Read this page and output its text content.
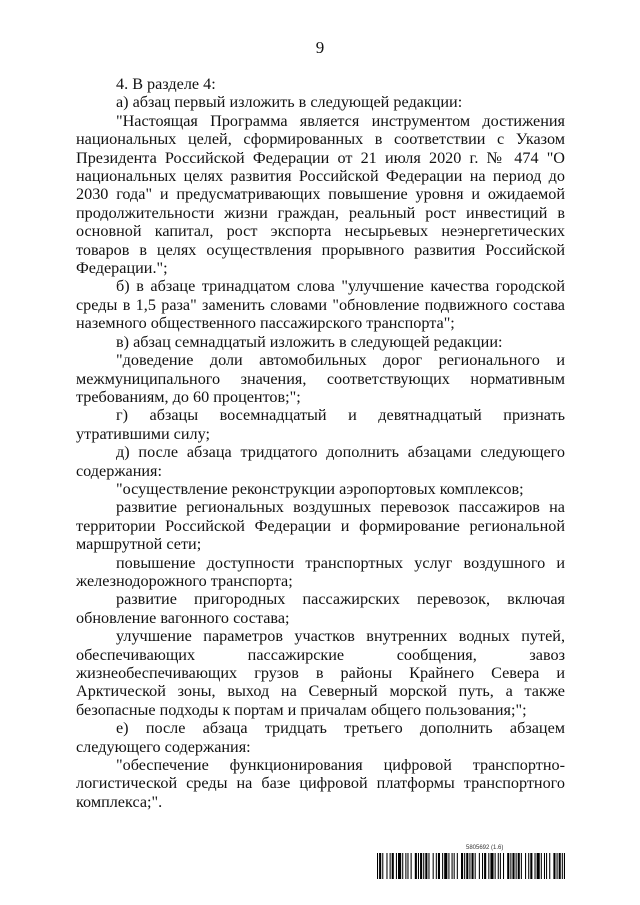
9

4. В разделе 4:

а) абзац первый изложить в следующей редакции:

"Настоящая Программа является инструментом достижения национальных целей, сформированных в соответствии с Указом Президента Российской Федерации от 21 июля 2020 г. № 474 "О национальных целях развития Российской Федерации на период до 2030 года" и предусматривающих повышение уровня и ожидаемой продолжительности жизни граждан, реальный рост инвестиций в основной капитал, рост экспорта несырьевых неэнергетических товаров в целях осуществления прорывного развития Российской Федерации.";

б) в абзаце тринадцатом слова "улучшение качества городской среды в 1,5 раза" заменить словами "обновление подвижного состава наземного общественного пассажирского транспорта";

в) абзац семнадцатый изложить в следующей редакции:

"доведение доли автомобильных дорог регионального и межмуниципального значения, соответствующих нормативным требованиям, до 60 процентов;";

г) абзацы восемнадцатый и девятнадцатый признать утратившими силу;

д) после абзаца тридцатого дополнить абзацами следующего содержания:

"осуществление реконструкции аэропортовых комплексов;

развитие региональных воздушных перевозок пассажиров на территории Российской Федерации и формирование региональной маршрутной сети;

повышение доступности транспортных услуг воздушного и железнодорожного транспорта;

развитие пригородных пассажирских перевозок, включая обновление вагонного состава;

улучшение параметров участков внутренних водных путей, обеспечивающих пассажирские сообщения, завоз жизнеобеспечивающих грузов в районы Крайнего Севера и Арктической зоны, выход на Северный морской путь, а также безопасные подходы к портам и причалам общего пользования;";

е) после абзаца тридцать третьего дополнить абзацем следующего содержания:

"обеспечение функционирования цифровой транспортно-логистической среды на базе цифровой платформы транспортного комплекса;".

5805692 (1.6)
